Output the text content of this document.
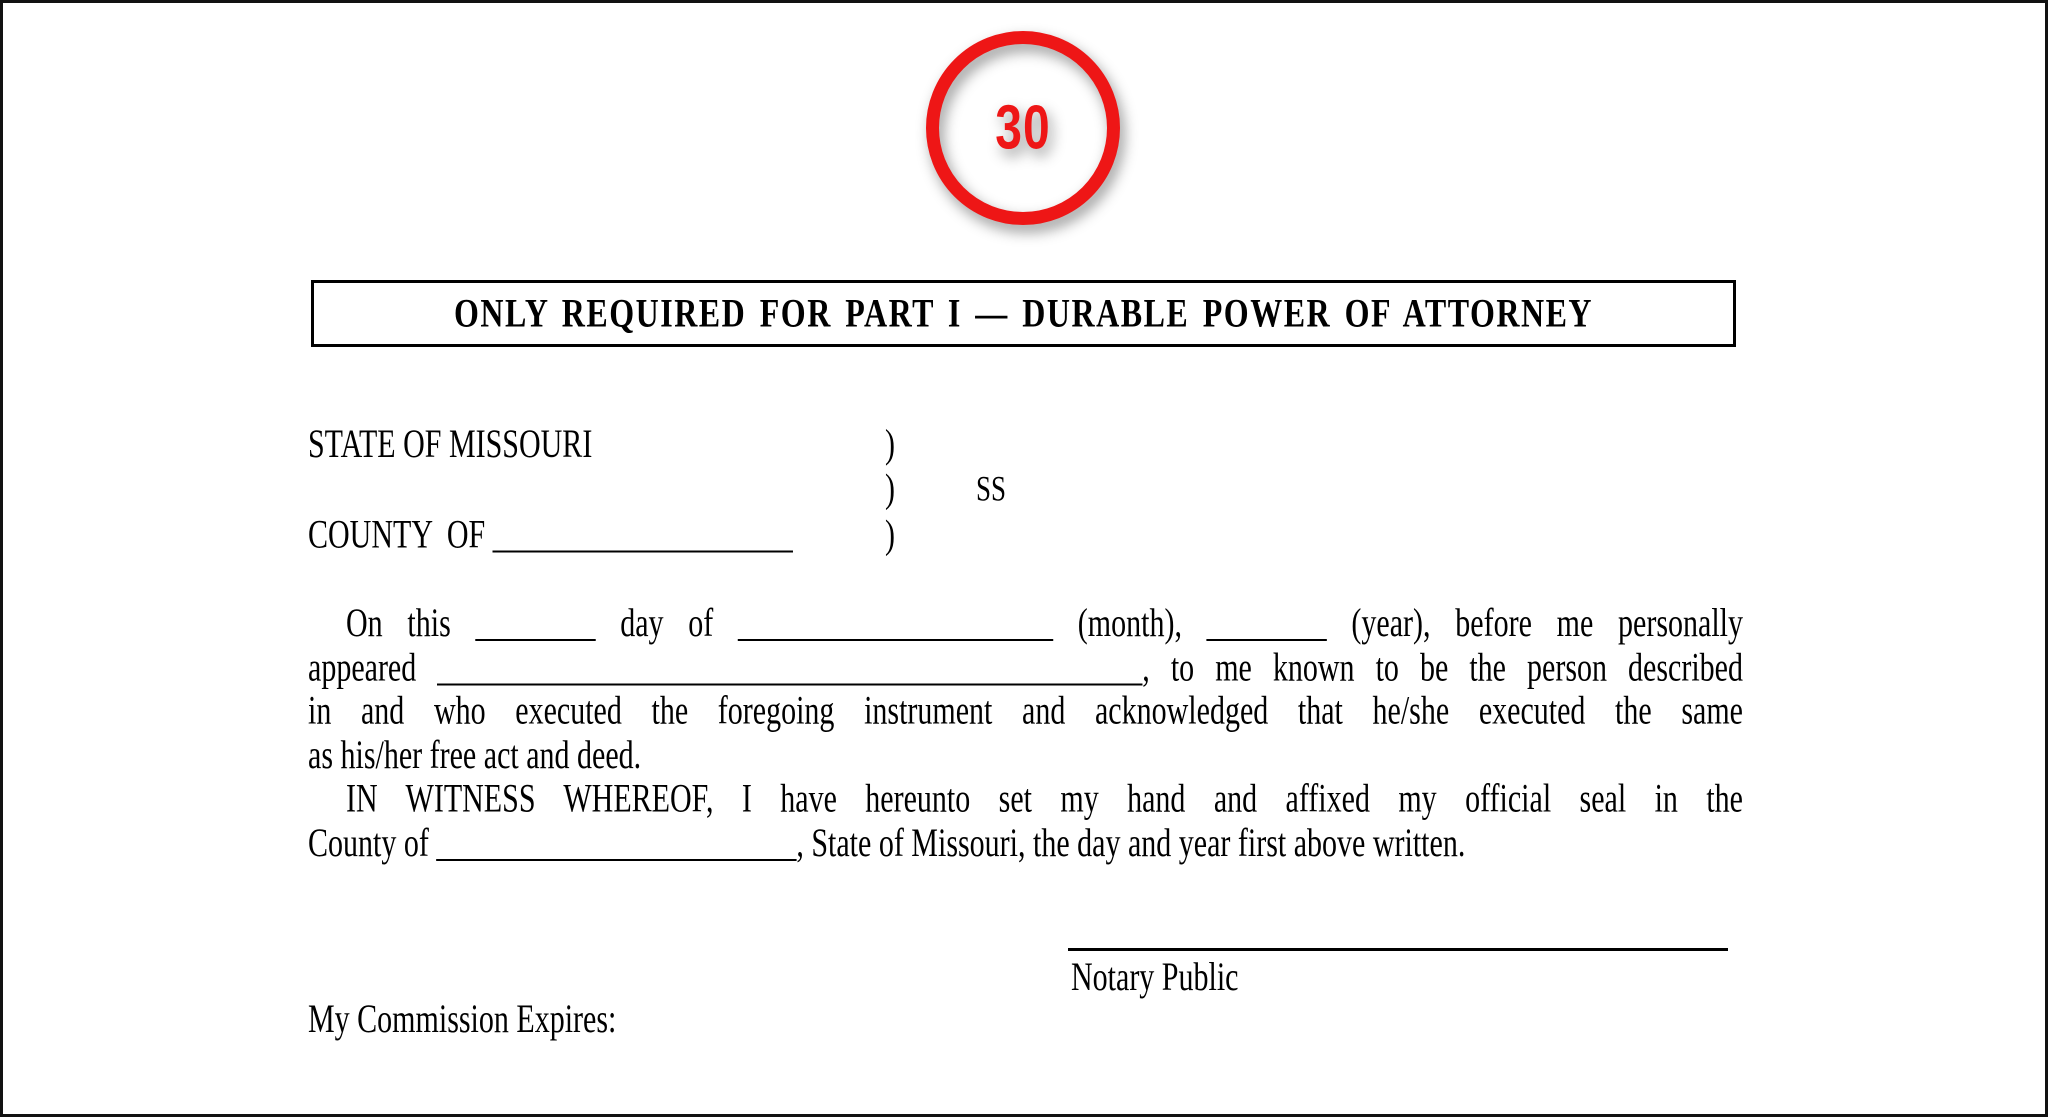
30
ONLY REQUIRED FOR PART I — DURABLE POWER OF ATTORNEY
STATE OF MISSOURI	)
)	SS
COUNTY  OF ____________________	)
On this ________ day of _____________________ (month), ________ (year), before me personally
appeared _______________________________________________, to me known to be the person described
in and who executed the foregoing instrument and acknowledged that he/she executed the same
as his/her free act and deed.
IN WITNESS WHEREOF, I have hereunto set my hand and affixed my official seal in the
County of ________________________, State of Missouri, the day and year first above written.
Notary Public
My Commission Expires:
